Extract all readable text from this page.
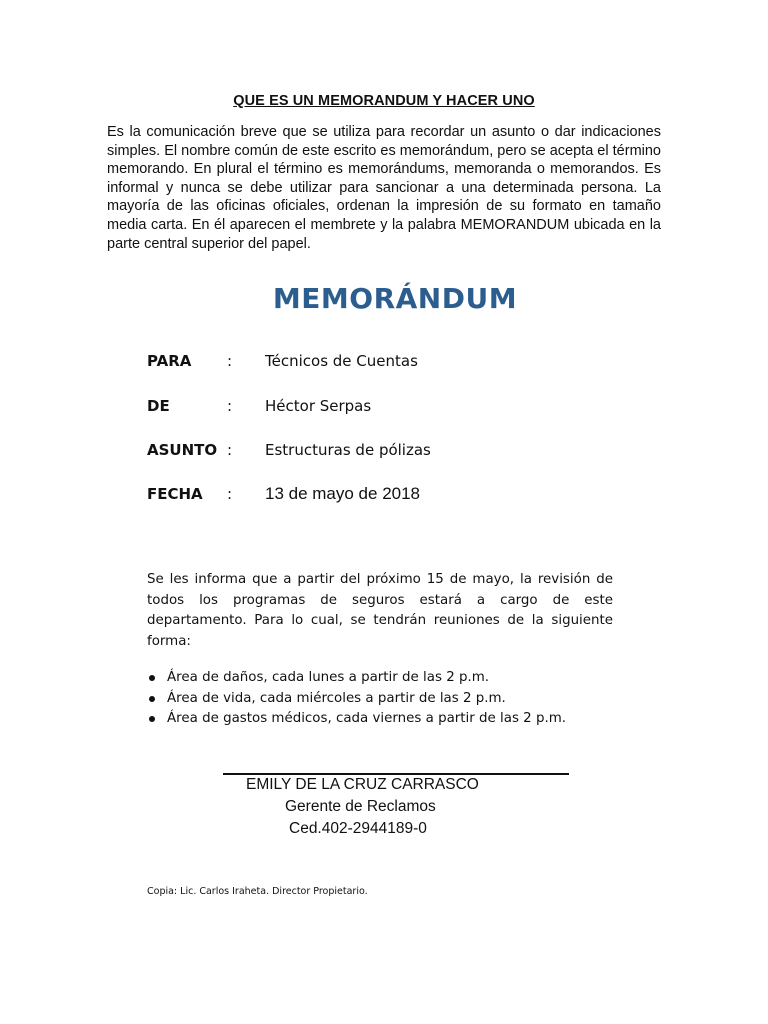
QUE ES UN MEMORANDUM Y HACER UNO
Es la comunicación breve que se utiliza para recordar un asunto o dar indicaciones simples. El nombre común de este escrito es memorándum, pero se acepta el término memorando. En plural el término es memorándums, memoranda o memorandos. Es informal y nunca se debe utilizar para sancionar a una determinada persona. La mayoría de las oficinas oficiales, ordenan la impresión de su formato en tamaño media carta. En él aparecen el membrete y la palabra MEMORANDUM ubicada en la parte central superior del papel.
MEMORÁNDUM
PARA : Técnicos de Cuentas
DE	: Héctor Serpas
ASUNTO : Estructuras de pólizas
FECHA : 13 de mayo de 2018
Se les informa que a partir del próximo 15 de mayo, la revisión de todos los programas de seguros estará a cargo de este departamento. Para lo cual, se tendrán reuniones de la siguiente forma:
Área de daños, cada lunes a partir de las 2 p.m.
Área de vida, cada miércoles a partir de las 2 p.m.
Área de gastos médicos, cada viernes a partir de las 2 p.m.
EMILY DE LA CRUZ CARRASCO
Gerente de Reclamos
Ced.402-2944189-0
Copia: Lic. Carlos Iraheta. Director Propietario.
